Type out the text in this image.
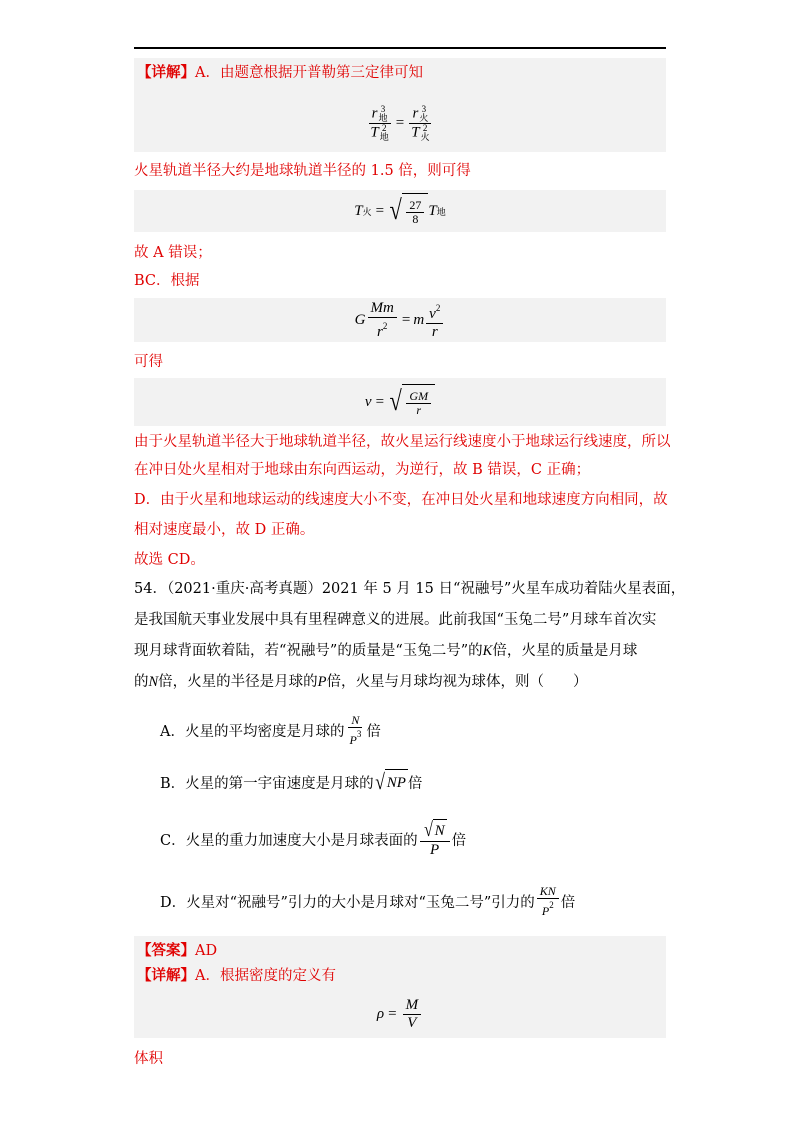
【详解】A．由题意根据开普勒第三定律可知
r 3
地
T 2
地 = r 3
火
T 2
火
火星轨道半径大约是地球轨道半径的 1.5 倍，则可得
T 火 = √ $\frac{27}{8}$ T 地
故 A 错误；
BC．根据
G $\frac{Mm}{r^2} = m \frac{v^2}{r}$
可得
v = √ $\frac{GM}{r}$
由于火星轨道半径大于地球轨道半径，故火星运行线速度小于地球运行线速度，所以
在冲日处火星相对于地球由东向西运动，为逆行，故 B 错误，C 正确；
D．由于火星和地球运动的线速度大小不变，在冲日处火星和地球速度方向相同，故
相对速度最小，故 D 正确。
故选 CD。
54．（2021·重庆·高考真题）2021 年 5 月 15 日“祝融号”火星车成功着陆火星表面，
是我国航天事业发展中具有里程碑意义的进展。此前我国“玉兔二号”月球车首次实
现月球背面软着陆，若“祝融号”的质量是“玉兔二号”的K倍，火星的质量是月球
的N倍，火星的半径是月球的P倍，火星与月球均视为球体，则（　　）
A．火星的平均密度是月球的 $\frac{N}{P^3}$ 倍
B．火星的第一宇宙速度是月球的 √ NP 倍
C．火星的重力加速度大小是月球表面的 $\frac{√ N}{P}$ 倍
D．火星对“祝融号”引力的大小是月球对“玉兔二号”引力的 $\frac{KN}{P^2}$ 倍
【答案】AD
【详解】A．根据密度的定义有
$\rho = \frac{M}{V}$
体积
